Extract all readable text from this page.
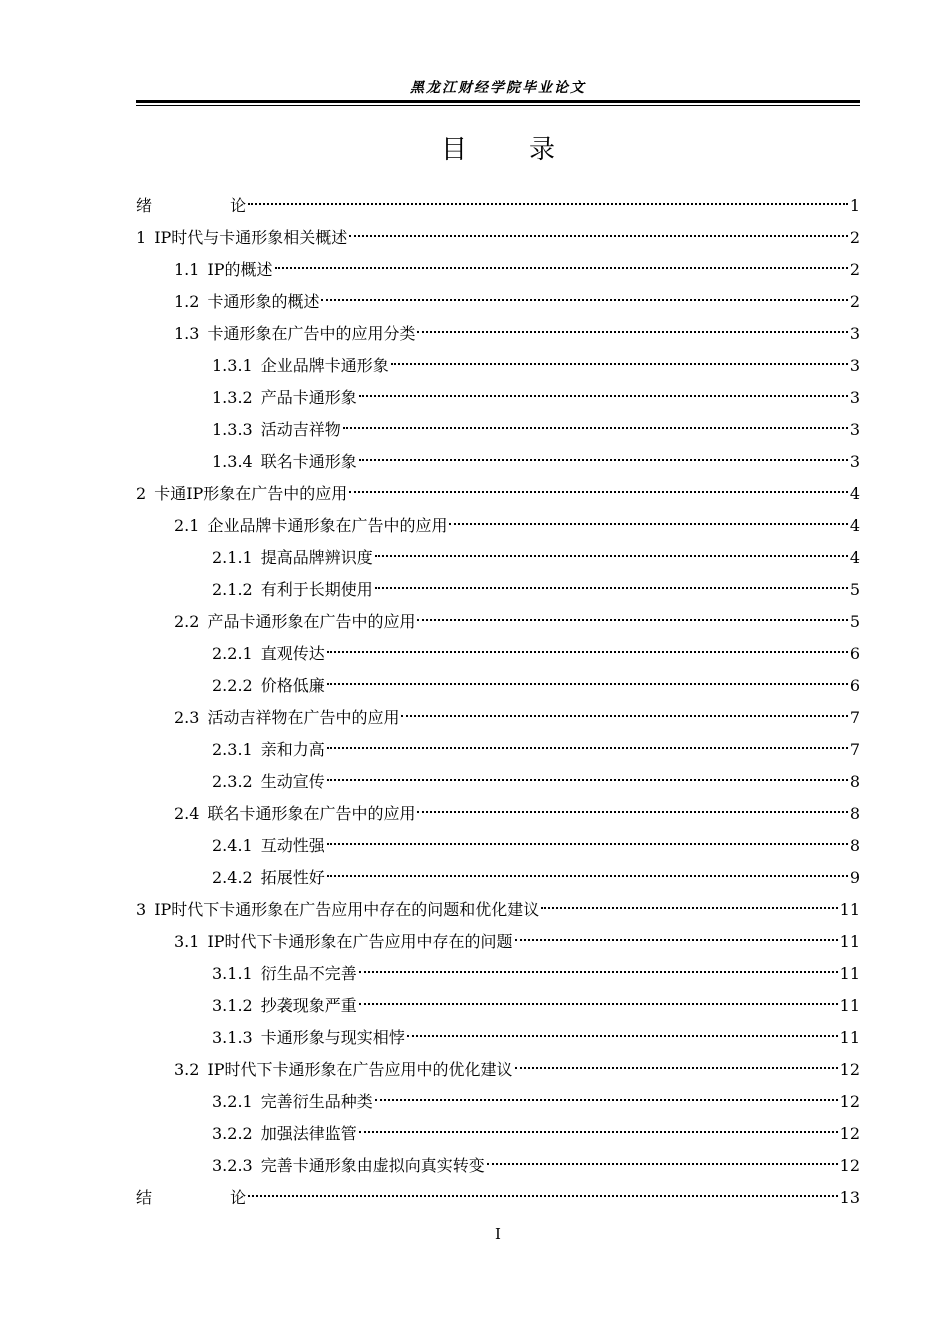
黑龙江财经学院毕业论文
目 录
绪  论	1
1 IP时代与卡通形象相关概述	2
1.1 IP的概述	2
1.2 卡通形象的概述	2
1.3 卡通形象在广告中的应用分类	3
1.3.1 企业品牌卡通形象	3
1.3.2 产品卡通形象	3
1.3.3 活动吉祥物	3
1.3.4 联名卡通形象	3
2 卡通IP形象在广告中的应用	4
2.1 企业品牌卡通形象在广告中的应用	4
2.1.1 提高品牌辨识度	4
2.1.2 有利于长期使用	5
2.2 产品卡通形象在广告中的应用	5
2.2.1 直观传达	6
2.2.2 价格低廉	6
2.3 活动吉祥物在广告中的应用	7
2.3.1 亲和力高	7
2.3.2 生动宣传	8
2.4 联名卡通形象在广告中的应用	8
2.4.1 互动性强	8
2.4.2 拓展性好	9
3 IP时代下卡通形象在广告应用中存在的问题和优化建议	11
3.1 IP时代下卡通形象在广告应用中存在的问题	11
3.1.1 衍生品不完善	11
3.1.2 抄袭现象严重	11
3.1.3 卡通形象与现实相悖	11
3.2 IP时代下卡通形象在广告应用中的优化建议	12
3.2.1 完善衍生品种类	12
3.2.2 加强法律监管	12
3.2.3 完善卡通形象由虚拟向真实转变	12
结  论	13
I
